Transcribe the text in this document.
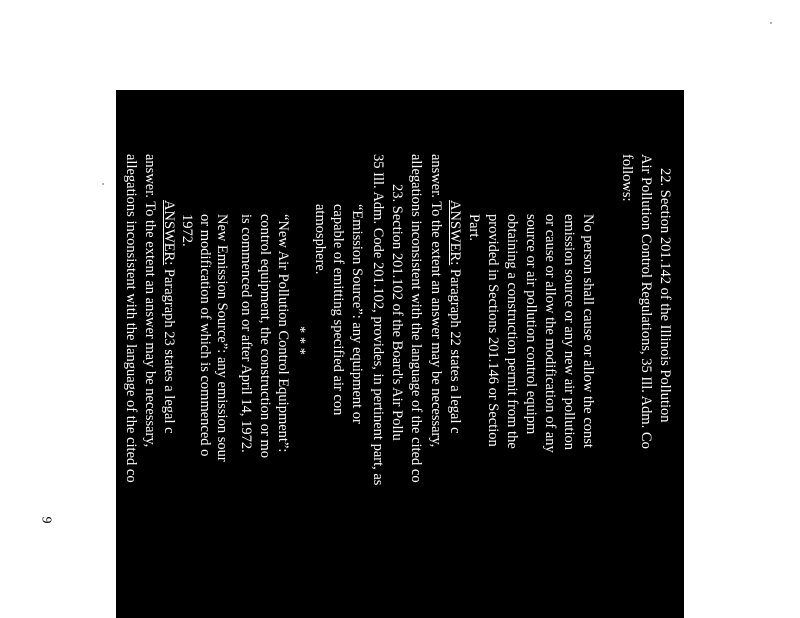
22. Section 201.142 of the Illinois Pollution
Air Pollution Control Regulations, 35 Ill. Adm. Co
follows:
No person shall cause or allow the const
emission source or any new air pollution
or cause or allow the modification of any
source or air pollution control equipm
obtaining a construction permit from the
provided in Sections 201.146 or Section
Part.
ANSWER: Paragraph 22 states a legal c
answer. To the extent an answer may be necessary,
allegations inconsistent with the language of the cited co
23. Section 201.102 of the Board's Air Pollu
35 Ill. Adm. Code 201.102, provides, in pertinent part, as
“Emission Source”: any equipment or
capable of emitting specified air con
atmosphere.
* * *
“New Air Pollution Control Equipment”:
control equipment, the construction or mo
is commenced on or after April 14, 1972.
New Emission Source”: any emission sour
or modification of which is commenced o
1972.
ANSWER: Paragraph 23 states a legal c
answer. To the extent an answer may be necessary,
allegations inconsistent with the language of the cited co
9
